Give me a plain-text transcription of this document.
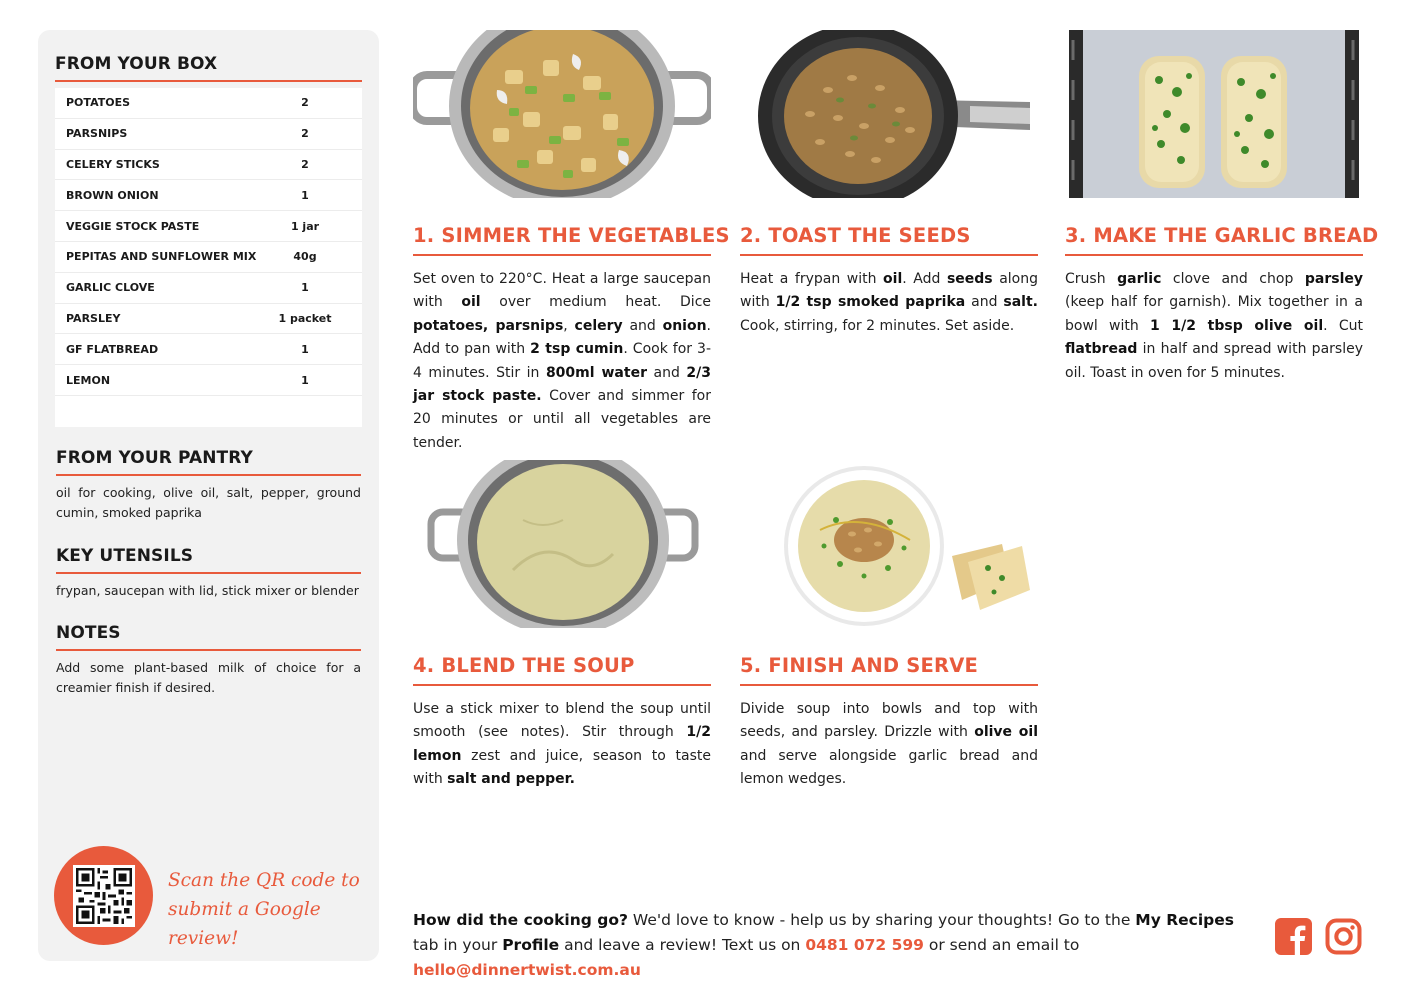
FROM YOUR BOX
POTATOES	2
PARSNIPS	2
CELERY STICKS	2
BROWN ONION	1
VEGGIE STOCK PASTE	1 jar
PEPITAS AND SUNFLOWER MIX	40g
GARLIC CLOVE	1
PARSLEY	1 packet
GF FLATBREAD	1
LEMON	1
FROM YOUR PANTRY
oil for cooking, olive oil, salt, pepper, ground cumin, smoked paprika
KEY UTENSILS
frypan, saucepan with lid, stick mixer or blender
NOTES
Add some plant-based milk of choice for a creamier finish if desired.
Scan the QR code to
submit a Google review!
1. SIMMER THE VEGETABLES
Set oven to 220°C. Heat a large saucepan with oil over medium heat. Dice potatoes, parsnips, celery and onion. Add to pan with 2 tsp cumin. Cook for 3-4 minutes. Stir in 800ml water and 2/3 jar stock paste. Cover and simmer for 20 minutes or until all vegetables are tender.
2. TOAST THE SEEDS
Heat a frypan with oil. Add seeds along with 1/2 tsp smoked paprika and salt. Cook, stirring, for 2 minutes. Set aside.
3. MAKE THE GARLIC BREAD
Crush garlic clove and chop parsley (keep half for garnish). Mix together in a bowl with 1 1/2 tbsp olive oil. Cut flatbread in half and spread with parsley oil. Toast in oven for 5 minutes.
4. BLEND THE SOUP
Use a stick mixer to blend the soup until smooth (see notes). Stir through 1/2 lemon zest and juice, season to taste with salt and pepper.
5. FINISH AND SERVE
Divide soup into bowls and top with seeds, and parsley. Drizzle with olive oil and serve alongside garlic bread and lemon wedges.
How did the cooking go? We'd love to know - help us by sharing your thoughts! Go to the My Recipes tab in your Profile and leave a review! Text us on 0481 072 599 or send an email to hello@dinnertwist.com.au
